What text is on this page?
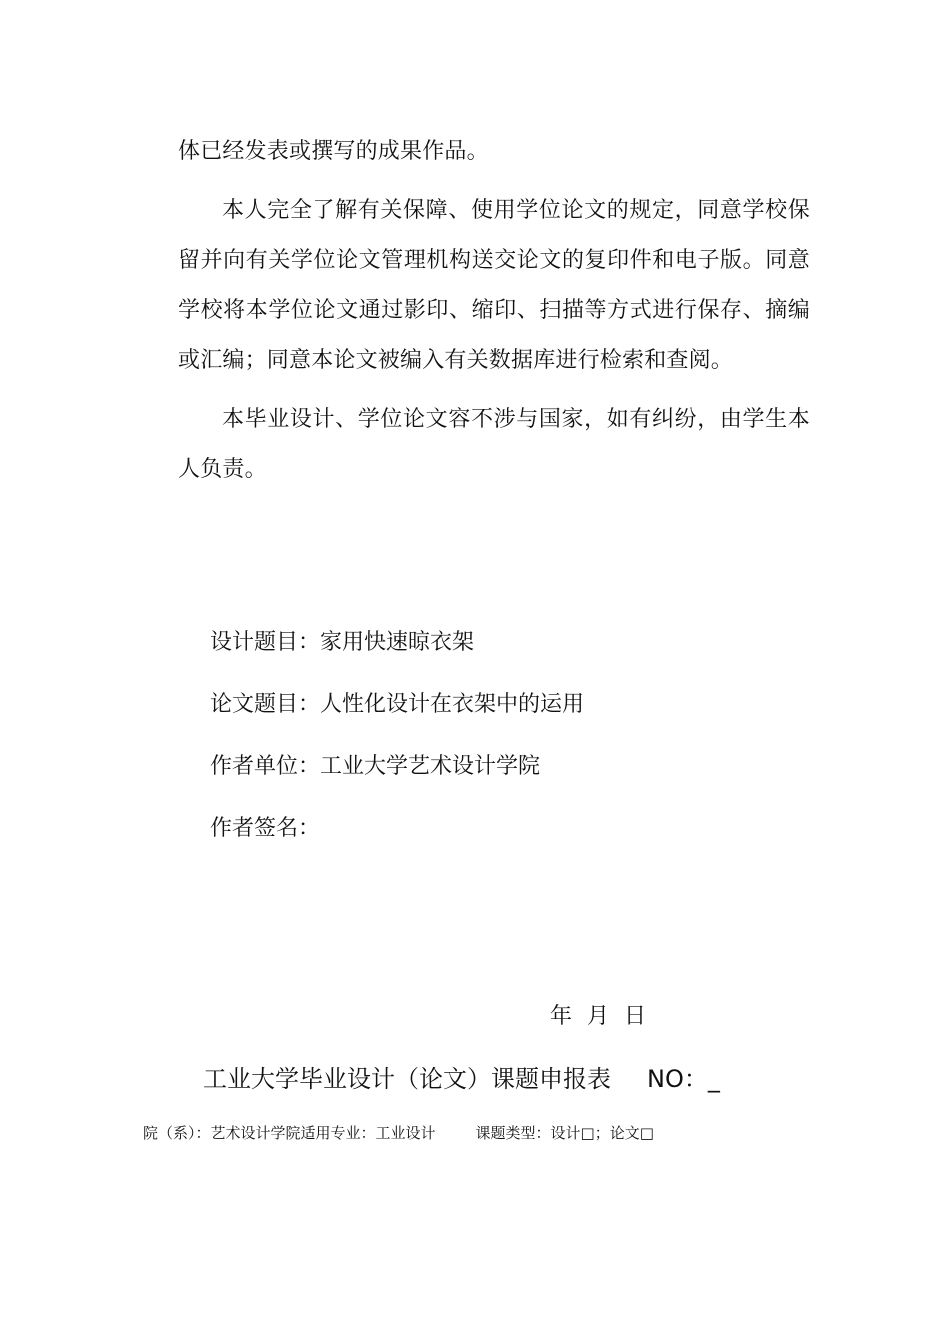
体已经发表或撰写的成果作品。

本人完全了解有关保障、使用学位论文的规定，同意学校保留并向有关学位论文管理机构送交论文的复印件和电子版。同意学校将本学位论文通过影印、缩印、扫描等方式进行保存、摘编或汇编；同意本论文被编入有关数据库进行检索和查阅。

本毕业设计、学位论文容不涉与国家，如有纠纷，由学生本人负责。

设计题目：家用快速晾衣架
论文题目：人性化设计在衣架中的运用
作者单位：工业大学艺术设计学院
作者签名：
年 月 日
工业大学毕业设计（论文）课题申报表 NO：_
院（系）：艺术设计学院适用专业：工业设计	课题类型：设计□；论文□
